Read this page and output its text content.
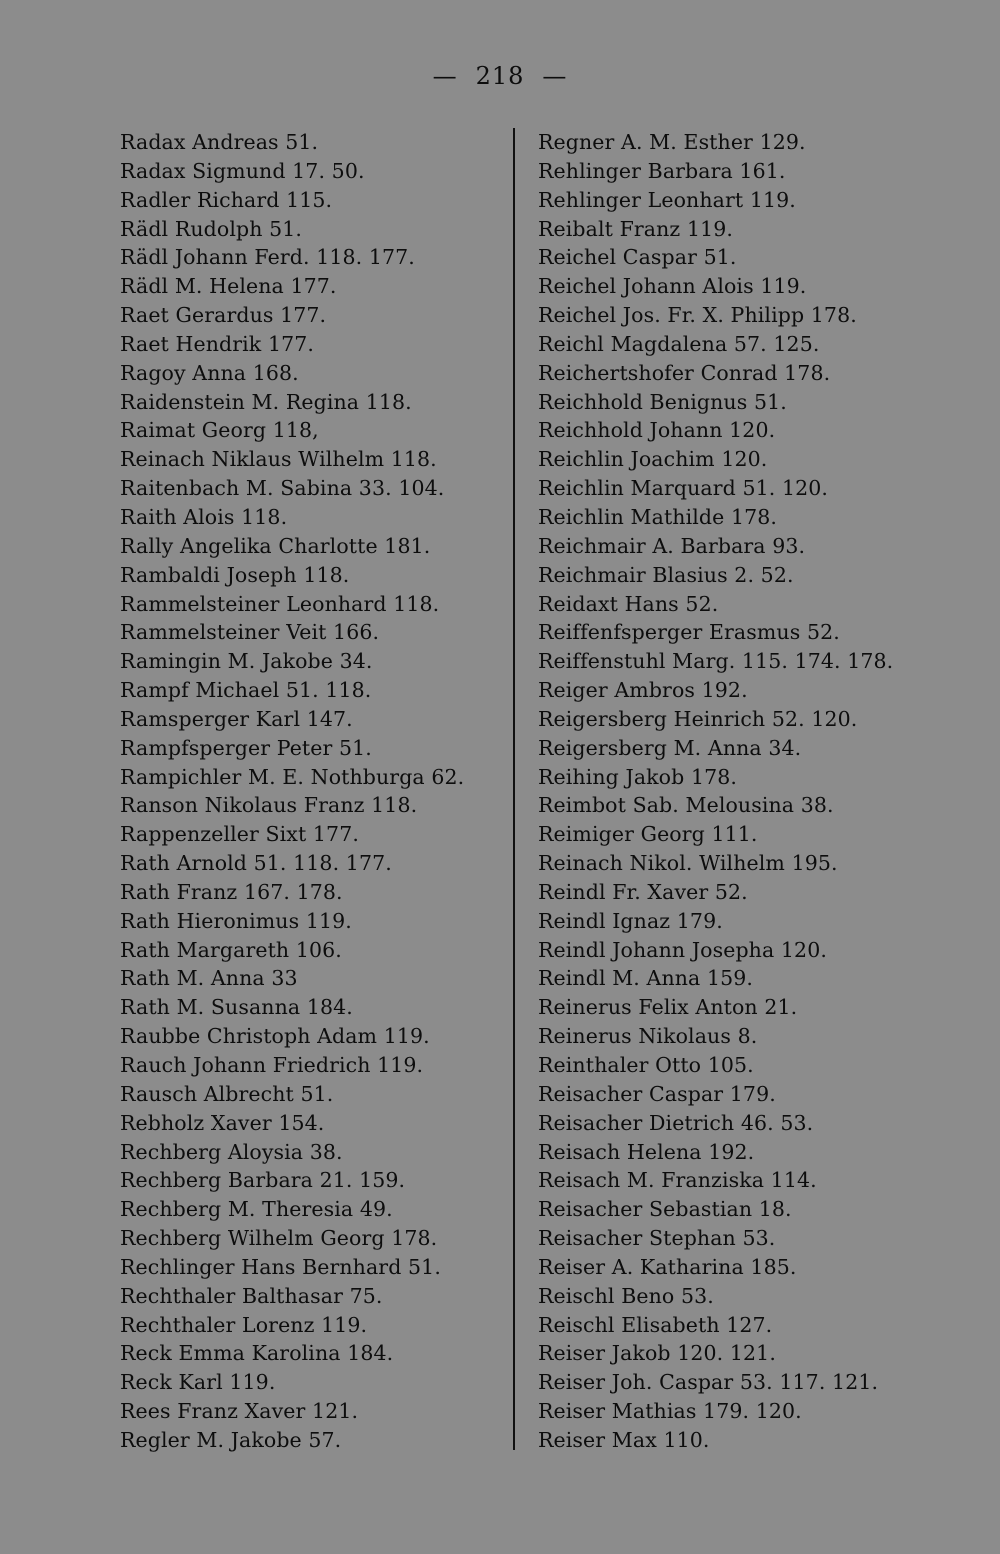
— 218 —
Radax Andreas 51.
Radax Sigmund 17. 50.
Radler Richard 115.
Rädl Rudolph 51.
Rädl Johann Ferd. 118. 177.
Rädl M. Helena 177.
Raet Gerardus 177.
Raet Hendrik 177.
Ragoy Anna 168.
Raidenstein M. Regina 118.
Raimat Georg 118,
Reinach Niklaus Wilhelm 118.
Raitenbach M. Sabina 33. 104.
Raith Alois 118.
Rally Angelika Charlotte 181.
Rambaldi Joseph 118.
Rammelsteiner Leonhard 118.
Rammelsteiner Veit 166.
Ramingin M. Jakobe 34.
Rampf Michael 51. 118.
Ramsperger Karl 147.
Rampfsperger Peter 51.
Rampichler M. E. Nothburga 62.
Ranson Nikolaus Franz 118.
Rappenzeller Sixt 177.
Rath Arnold 51. 118. 177.
Rath Franz 167. 178.
Rath Hieronimus 119.
Rath Margareth 106.
Rath M. Anna 33
Rath M. Susanna 184.
Raubbe Christoph Adam 119.
Rauch Johann Friedrich 119.
Rausch Albrecht 51.
Rebholz Xaver 154.
Rechberg Aloysia 38.
Rechberg Barbara 21. 159.
Rechberg M. Theresia 49.
Rechberg Wilhelm Georg 178.
Rechlinger Hans Bernhard 51.
Rechthaler Balthasar 75.
Rechthaler Lorenz 119.
Reck Emma Karolina 184.
Reck Karl 119.
Rees Franz Xaver 121.
Regler M. Jakobe 57.
Regner A. M. Esther 129.
Rehlinger Barbara 161.
Rehlinger Leonhart 119.
Reibalt Franz 119.
Reichel Caspar 51.
Reichel Johann Alois 119.
Reichel Jos. Fr. X. Philipp 178.
Reichl Magdalena 57. 125.
Reichertshofer Conrad 178.
Reichhold Benignus 51.
Reichhold Johann 120.
Reichlin Joachim 120.
Reichlin Marquard 51. 120.
Reichlin Mathilde 178.
Reichmair A. Barbara 93.
Reichmair Blasius 2. 52.
Reidaxt Hans 52.
Reiffenfsperger Erasmus 52.
Reiffenstuhl Marg. 115. 174. 178.
Reiger Ambros 192.
Reigersberg Heinrich 52. 120.
Reigersberg M. Anna 34.
Reihing Jakob 178.
Reimbot Sab. Melousina 38.
Reimiger Georg 111.
Reinach Nikol. Wilhelm 195.
Reindl Fr. Xaver 52.
Reindl Ignaz 179.
Reindl Johann Josepha 120.
Reindl M. Anna 159.
Reinerus Felix Anton 21.
Reinerus Nikolaus 8.
Reinthaler Otto 105.
Reisacher Caspar 179.
Reisacher Dietrich 46. 53.
Reisach Helena 192.
Reisach M. Franziska 114.
Reisacher Sebastian 18.
Reisacher Stephan 53.
Reiser A. Katharina 185.
Reischl Beno 53.
Reischl Elisabeth 127.
Reiser Jakob 120. 121.
Reiser Joh. Caspar 53. 117. 121.
Reiser Mathias 179. 120.
Reiser Max 110.
